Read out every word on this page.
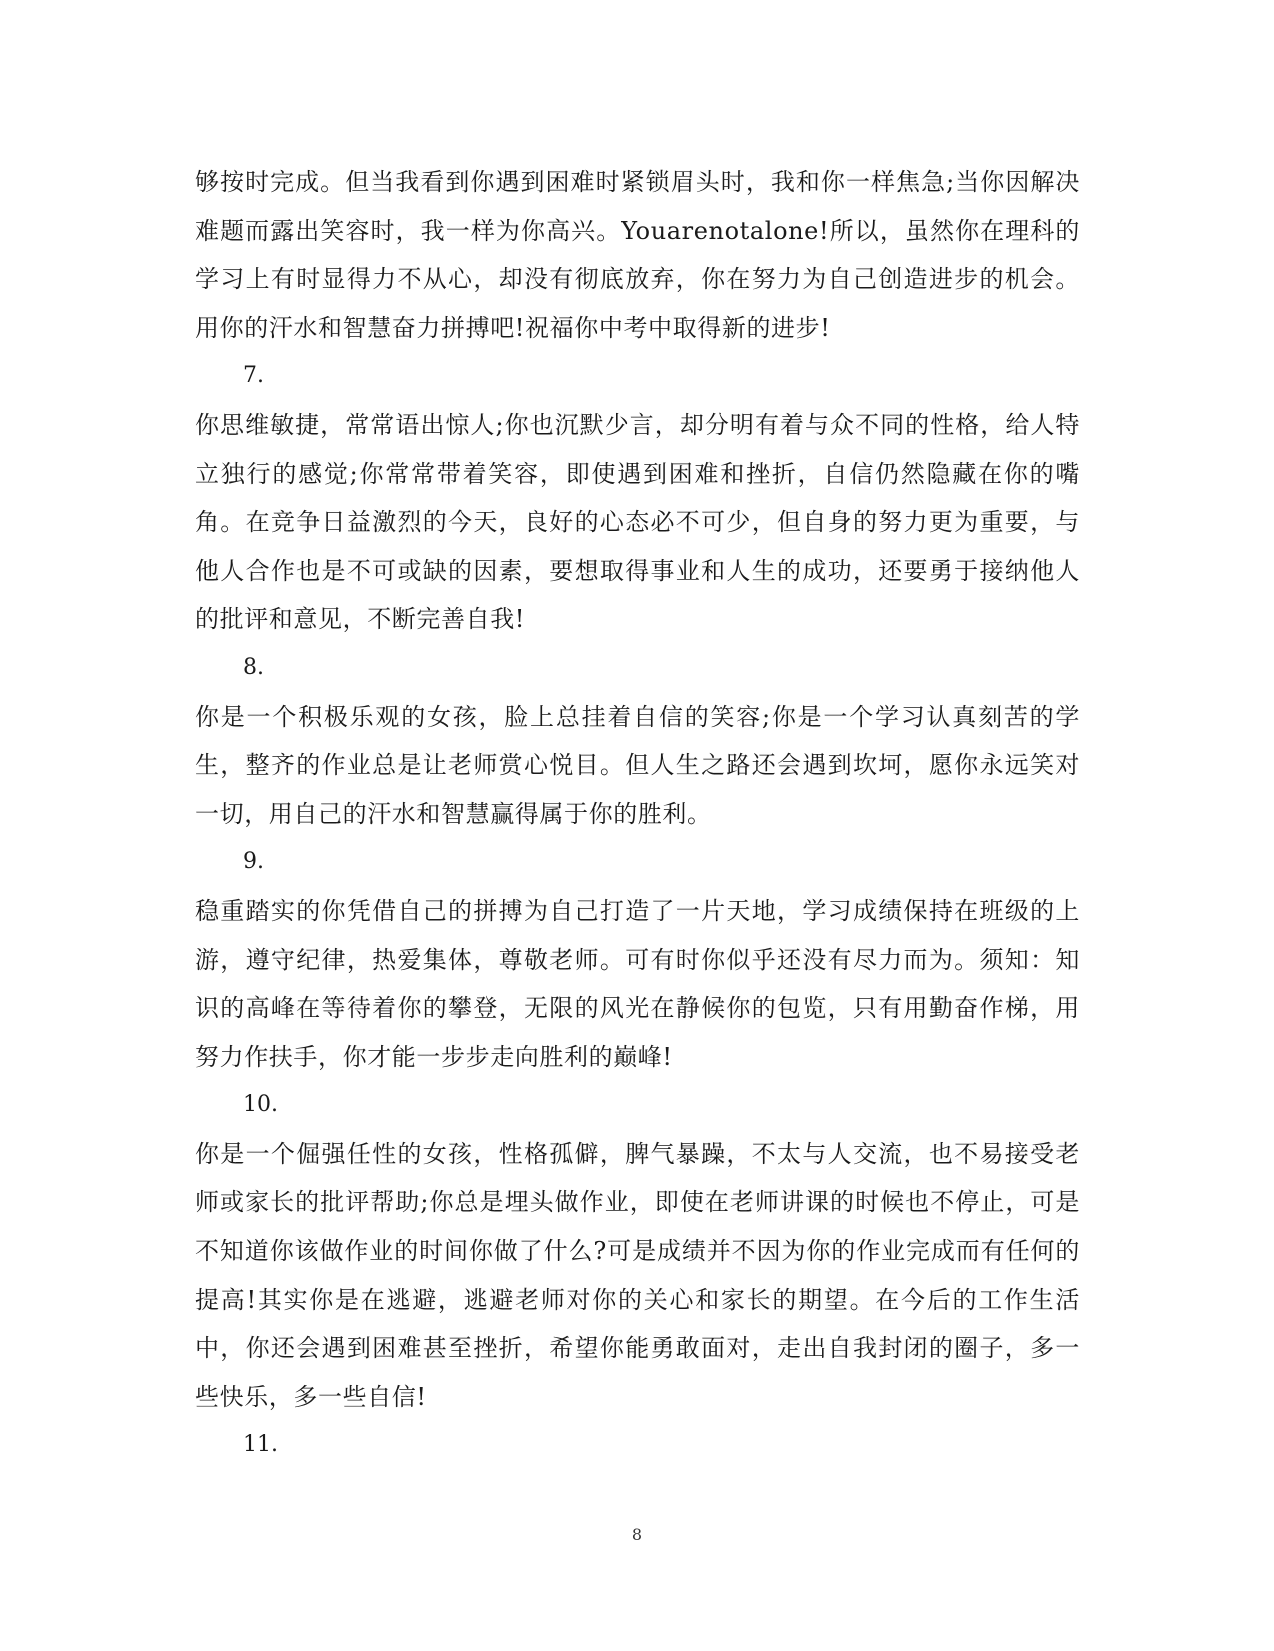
够按时完成。但当我看到你遇到困难时紧锁眉头时，我和你一样焦急;当你因解决难题而露出笑容时，我一样为你高兴。Youarenotalone!所以，虽然你在理科的学习上有时显得力不从心，却没有彻底放弃，你在努力为自己创造进步的机会。用你的汗水和智慧奋力拼搏吧!祝福你中考中取得新的进步!

7.

你思维敏捷，常常语出惊人;你也沉默少言，却分明有着与众不同的性格，给人特立独行的感觉;你常常带着笑容，即使遇到困难和挫折，自信仍然隐藏在你的嘴角。在竞争日益激烈的今天，良好的心态必不可少，但自身的努力更为重要，与他人合作也是不可或缺的因素，要想取得事业和人生的成功，还要勇于接纳他人的批评和意见，不断完善自我!

8.

你是一个积极乐观的女孩，脸上总挂着自信的笑容;你是一个学习认真刻苦的学生，整齐的作业总是让老师赏心悦目。但人生之路还会遇到坎坷，愿你永远笑对一切，用自己的汗水和智慧赢得属于你的胜利。

9.

稳重踏实的你凭借自己的拼搏为自己打造了一片天地，学习成绩保持在班级的上游，遵守纪律，热爱集体，尊敬老师。可有时你似乎还没有尽力而为。须知：知识的高峰在等待着你的攀登，无限的风光在静候你的包览，只有用勤奋作梯，用努力作扶手，你才能一步步走向胜利的巅峰!

10.

你是一个倔强任性的女孩，性格孤僻，脾气暴躁，不太与人交流，也不易接受老师或家长的批评帮助;你总是埋头做作业，即使在老师讲课的时候也不停止，可是不知道你该做作业的时间你做了什么?可是成绩并不因为你的作业完成而有任何的提高!其实你是在逃避，逃避老师对你的关心和家长的期望。在今后的工作生活中，你还会遇到困难甚至挫折，希望你能勇敢面对，走出自我封闭的圈子，多一些快乐，多一些自信!

11.

8
